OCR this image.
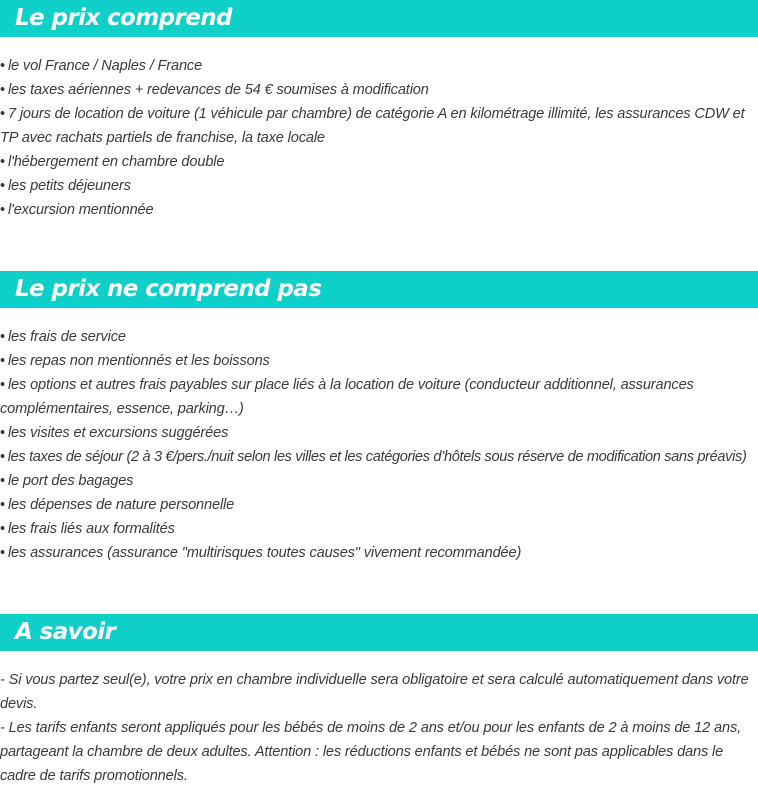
Le prix comprend
• le vol France / Naples / France
• les taxes aériennes + redevances de 54 € soumises à modification
• 7 jours de location de voiture (1 véhicule par chambre) de catégorie A en kilométrage illimité, les assurances CDW et TP avec rachats partiels de franchise, la taxe locale
• l'hébergement en chambre double
• les petits déjeuners
• l'excursion mentionnée
Le prix ne comprend pas
• les frais de service
• les repas non mentionnés et les boissons
• les options et autres frais payables sur place liés à la location de voiture (conducteur additionnel, assurances complémentaires, essence, parking…)
• les visites et excursions suggérées
• les taxes de séjour (2 à 3 €/pers./nuit selon les villes et les catégories d’hôtels sous réserve de modification sans préavis)
• le port des bagages
• les dépenses de nature personnelle
• les frais liés aux formalités
• les assurances (assurance "multirisques toutes causes" vivement recommandée)
A savoir

- Si vous partez seul(e), votre prix en chambre individuelle sera obligatoire et sera calculé automatiquement dans votre devis.

- Les tarifs enfants seront appliqués pour les bébés de moins de 2 ans et/ou pour les enfants de 2 à moins de 12 ans, partageant la chambre de deux adultes. Attention : les réductions enfants et bébés ne sont pas applicables dans le cadre de tarifs promotionnels.
